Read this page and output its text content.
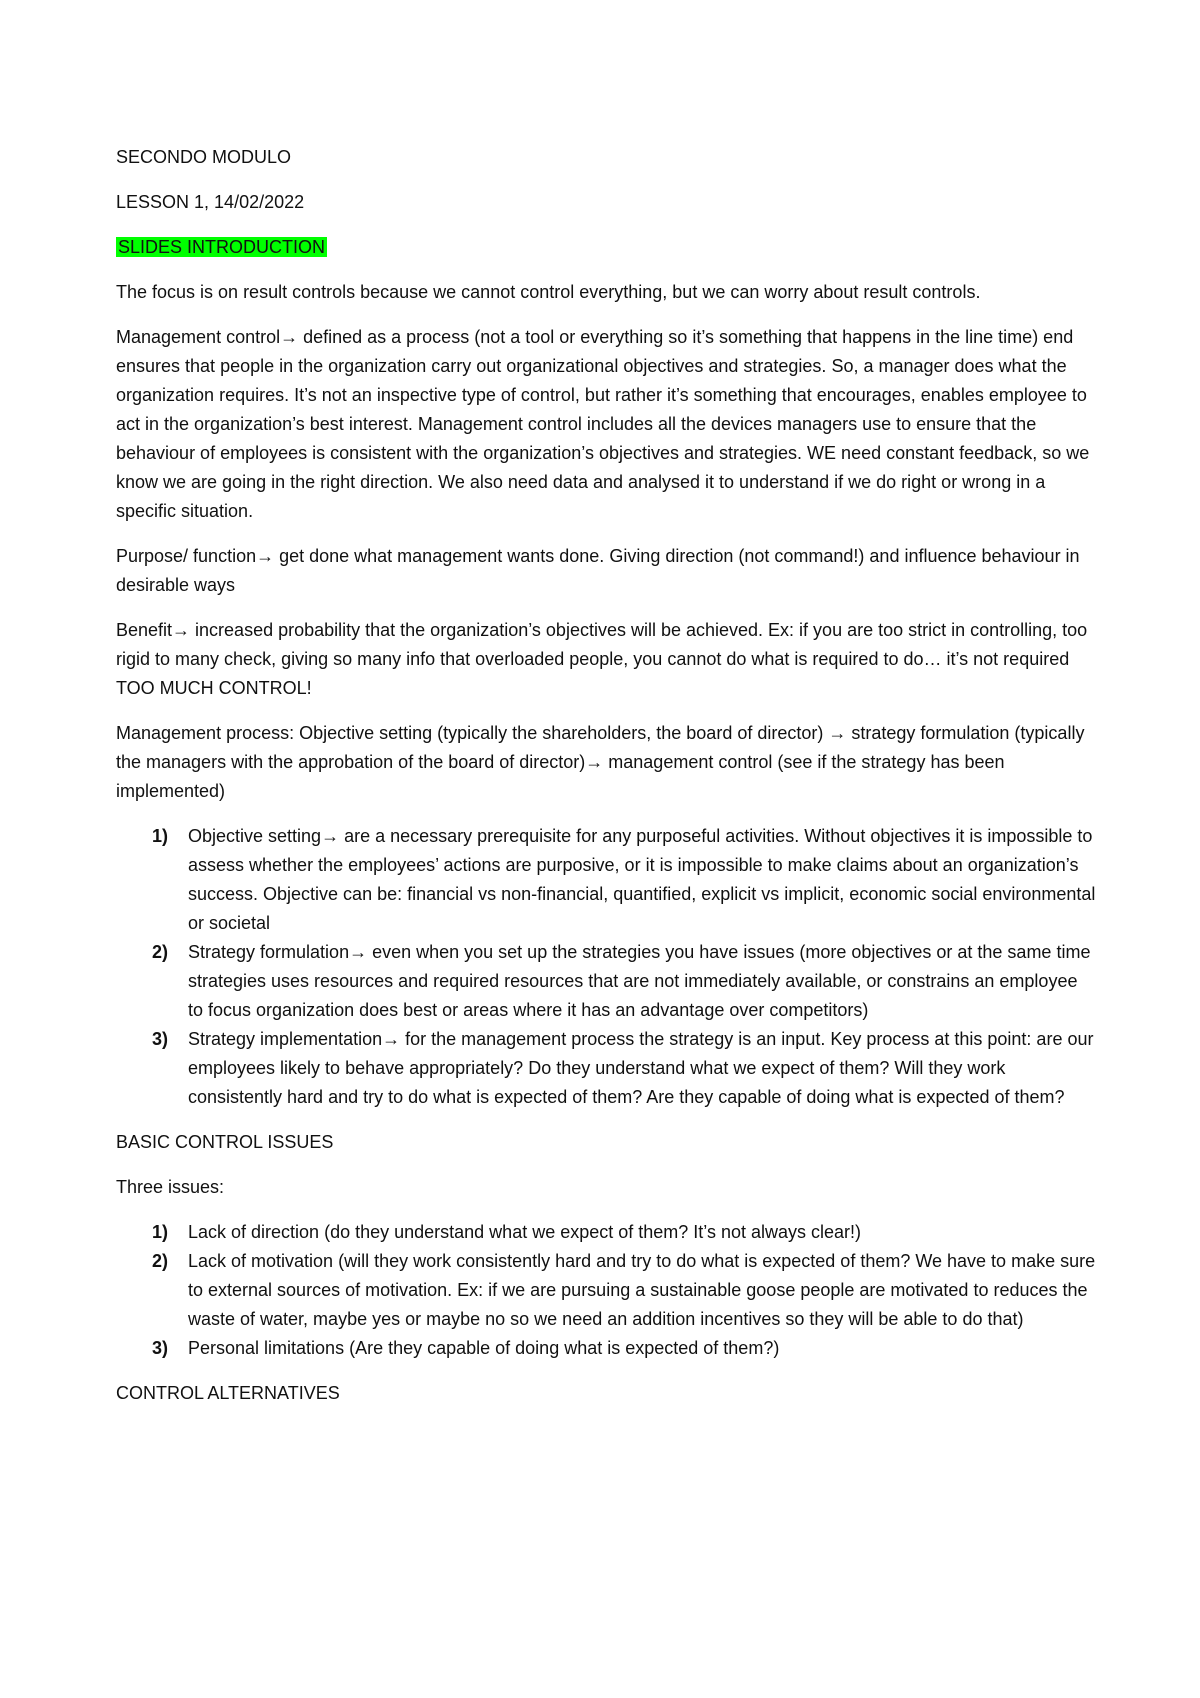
SECONDO MODULO

LESSON 1, 14/02/2022

SLIDES INTRODUCTION

The focus is on result controls because we cannot control everything, but we can worry about result controls.

Management control→ defined as a process (not a tool or everything so it’s something that happens in the line time) end ensures that people in the organization carry out organizational objectives and strategies. So, a manager does what the organization requires. It’s not an inspective type of control, but rather it’s something that encourages, enables employee to act in the organization’s best interest. Management control includes all the devices managers use to ensure that the behaviour of employees is consistent with the organization’s objectives and strategies. WE need constant feedback, so we know we are going in the right direction. We also need data and analysed it to understand if we do right or wrong in a specific situation.

Purpose/ function→ get done what management wants done. Giving direction (not command!) and influence behaviour in desirable ways

Benefit→ increased probability that the organization’s objectives will be achieved. Ex: if you are too strict in controlling, too rigid to many check, giving so many info that overloaded people, you cannot do what is required to do… it’s not required TOO MUCH CONTROL!

Management process: Objective setting (typically the shareholders, the board of director) → strategy formulation (typically the managers with the approbation of the board of director)→ management control (see if the strategy has been implemented)

1) Objective setting→ are a necessary prerequisite for any purposeful activities. Without objectives it is impossible to assess whether the employees’ actions are purposive, or it is impossible to make claims about an organization’s success. Objective can be: financial vs non-financial, quantified, explicit vs implicit, economic social environmental or societal
2) Strategy formulation→ even when you set up the strategies you have issues (more objectives or at the same time strategies uses resources and required resources that are not immediately available, or constrains an employee to focus organization does best or areas where it has an advantage over competitors)
3) Strategy implementation→ for the management process the strategy is an input. Key process at this point: are our employees likely to behave appropriately? Do they understand what we expect of them? Will they work consistently hard and try to do what is expected of them? Are they capable of doing what is expected of them?

BASIC CONTROL ISSUES

Three issues:

1) Lack of direction (do they understand what we expect of them? It’s not always clear!)
2) Lack of motivation (will they work consistently hard and try to do what is expected of them? We have to make sure to external sources of motivation. Ex: if we are pursuing a sustainable goose people are motivated to reduces the waste of water, maybe yes or maybe no so we need an addition incentives so they will be able to do that)
3) Personal limitations (Are they capable of doing what is expected of them?)

CONTROL ALTERNATIVES
